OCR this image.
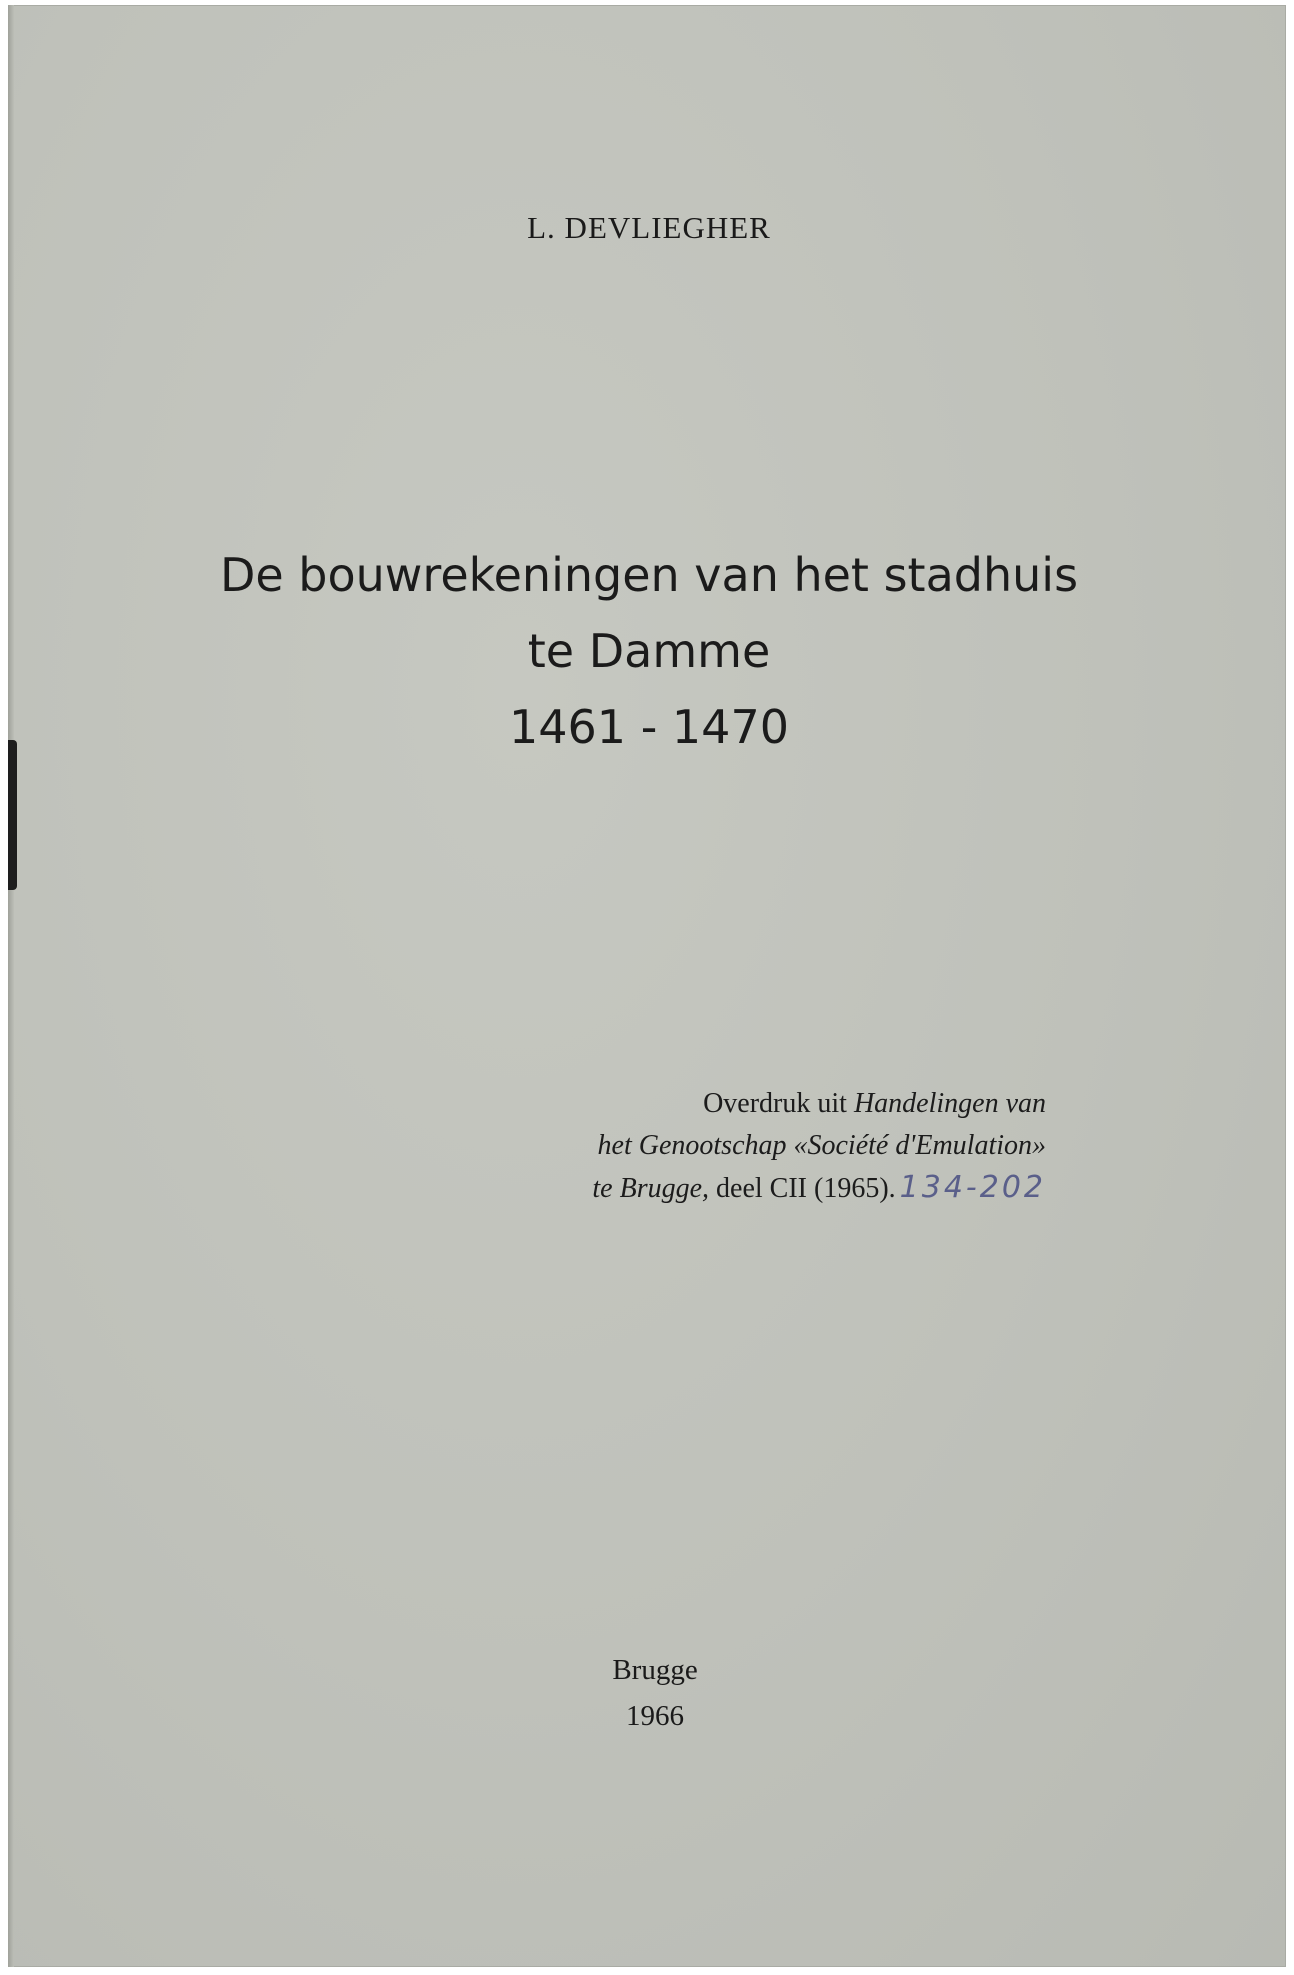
L. DEVLIEGHER
De bouwrekeningen van het stadhuis
te Damme
1461 - 1470
Overdruk uit Handelingen van
het Genootschap «Société d'Emulation»
te Brugge, deel CII (1965). 134-202
Brugge
1966
